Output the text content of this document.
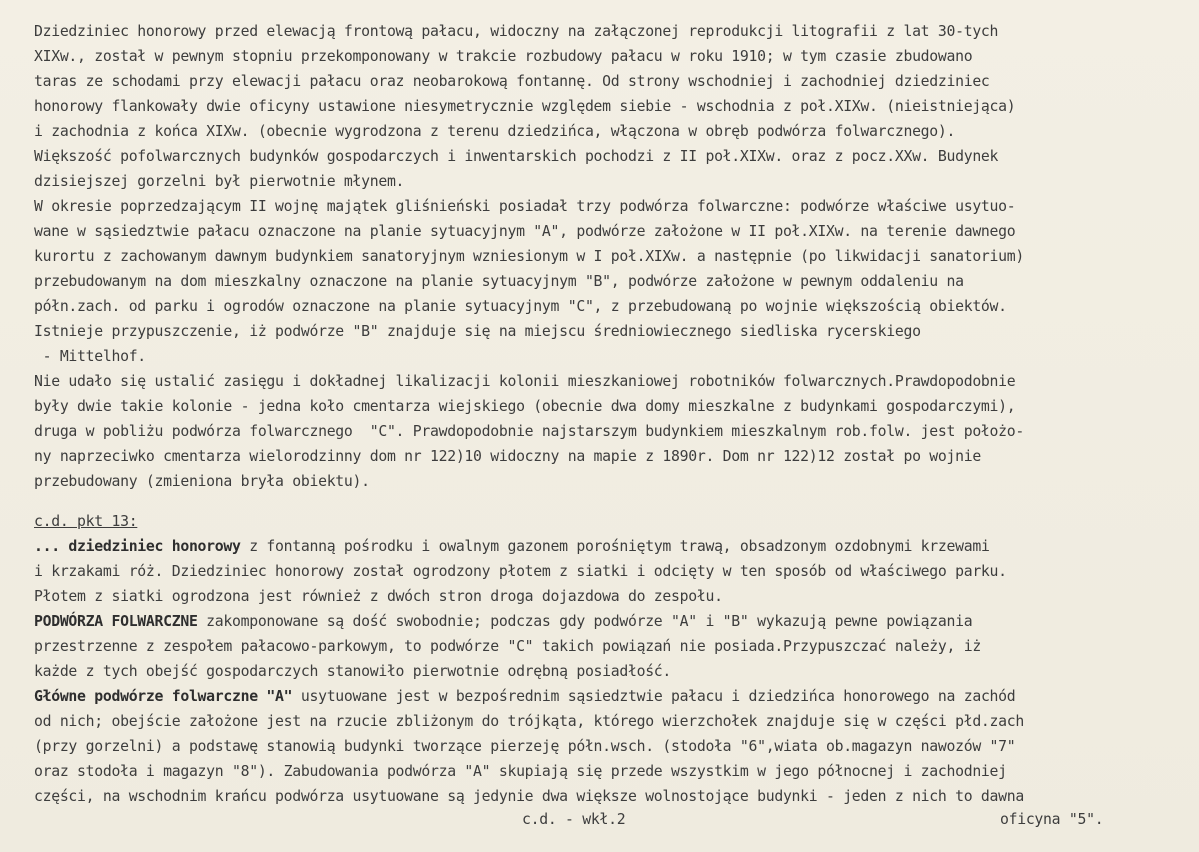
Dziedziniec honorowy przed elewacją frontową pałacu, widoczny na załączonej reprodukcji litografii z lat 30-tych
XIXw., został w pewnym stopniu przekomponowany w trakcie rozbudowy pałacu w roku 1910; w tym czasie zbudowano
taras ze schodami przy elewacji pałacu oraz neobarokową fontannę. Od strony wschodniej i zachodniej dziedziniec
honorowy flankowały dwie oficyny ustawione niesymetrycznie względem siebie - wschodnia z poł.XIXw. (nieistniejąca)
i zachodnia z końca XIXw. (obecnie wygrodzona z terenu dziedzińca, włączona w obręb podwórza folwarcznego).
Większość pofolwarcznych budynków gospodarczych i inwentarskich pochodzi z II poł.XIXw. oraz z pocz.XXw. Budynek
dzisiejszej gorzelni był pierwotnie młynem.
W okresie poprzedzającym II wojnę majątek gliśnieński posiadał trzy podwórza folwarczne: podwórze właściwe usytuo-
wane w sąsiedztwie pałacu oznaczone na planie sytuacyjnym "A", podwórze założone w II poł.XIXw. na terenie dawnego
kurortu z zachowanym dawnym budynkiem sanatoryjnym wzniesionym w I poł.XIXw. a następnie (po likwidacji sanatorium)
przebudowanym na dom mieszkalny oznaczone na planie sytuacyjnym "B", podwórze założone w pewnym oddaleniu na
półn.zach. od parku i ogrodów oznaczone na planie sytuacyjnym "C", z przebudowaną po wojnie większością obiektów.
Istnieje przypuszczenie, iż podwórze "B" znajduje się na miejscu średniowiecznego siedliska rycerskiego
- Mittelhof.
Nie udało się ustalić zasięgu i dokładnej likalizacji kolonii mieszkaniowej robotników folwarcznych.Prawdopodobnie
były dwie takie kolonie - jedna koło cmentarza wiejskiego (obecnie dwa domy mieszkalne z budynkami gospodarczymi),
druga w pobliżu podwórza folwarcznego  "C". Prawdopodobnie najstarszym budynkiem mieszkalnym rob.folw. jest położo-
ny naprzeciwko cmentarza wielorodzinny dom nr 122)10 widoczny na mapie z 1890r. Dom nr 122)12 został po wojnie
przebudowany (zmieniona bryła obiektu).
c.d. pkt 13:
... dziedziniec honorowy z fontanną pośrodku i owalnym gazonem porośniętym trawą, obsadzonym ozdobnymi krzewami
i krzakami róż. Dziedziniec honorowy został ogrodzony płotem z siatki i odcięty w ten sposób od właściwego parku.
Płotem z siatki ogrodzona jest również z dwóch stron droga dojazdowa do zespołu.
PODWÓRZA FOLWARCZNE zakomponowane są dość swobodnie; podczas gdy podwórze "A" i "B" wykazują pewne powiązania
przestrzenne z zespołem pałacowo-parkowym, to podwórze "C" takich powiązań nie posiada.Przypuszczać należy, iż
każde z tych obejść gospodarczych stanowiło pierwotnie odrębną posiadłość.
Główne podwórze folwarczne "A" usytuowane jest w bezpośrednim sąsiedztwie pałacu i dziedzińca honorowego na zachód
od nich; obejście założone jest na rzucie zbliżonym do trójkąta, którego wierzchołek znajduje się w części płd.zach
(przy gorzelni) a podstawę stanowią budynki tworzące pierzeję półn.wsch. (stodoła "6",wiata ob.magazyn nawozów "7"
oraz stodoła i magazyn "8"). Zabudowania podwórza "A" skupiają się przede wszystkim w jego północnej i zachodniej
części, na wschodnim krańcu podwórza usytuowane są jedynie dwa większe wolnostojące budynki - jeden z nich to dawna
c.d. - wkł.2	oficyna "5".
